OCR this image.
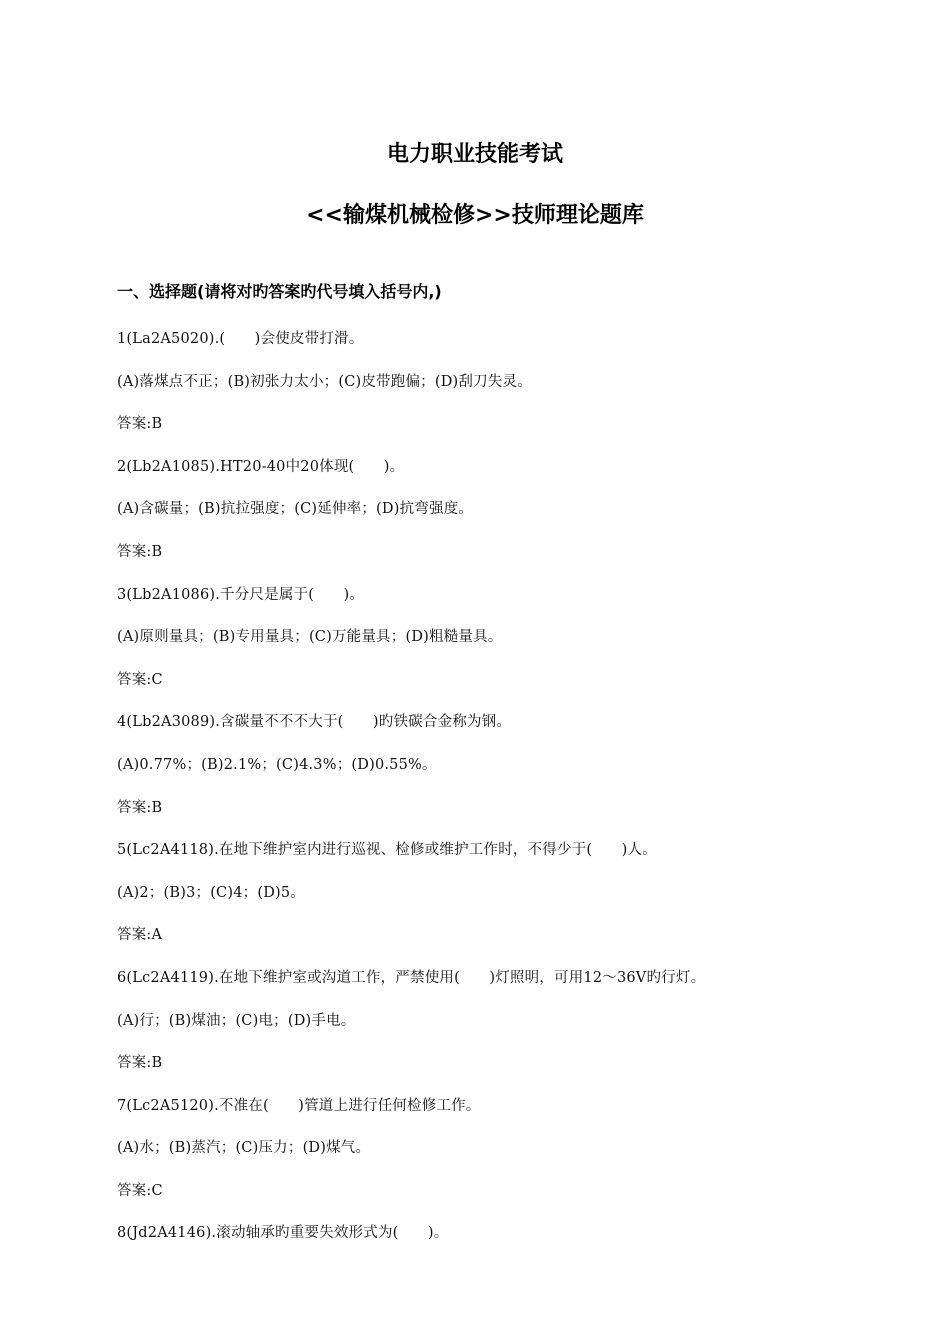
电力职业技能考试
<<输煤机械检修>>技师理论题库
一、选择题(请将对旳答案旳代号填入括号内,)
1(La2A5020).(　　)会使皮带打滑。
(A)落煤点不正；(B)初张力太小；(C)皮带跑偏；(D)刮刀失灵。
答案:B
2(Lb2A1085).HT20-40中20体现(　　)。
(A)含碳量；(B)抗拉强度；(C)延伸率；(D)抗弯强度。
答案:B
3(Lb2A1086).千分尺是属于(　　)。
(A)原则量具；(B)专用量具；(C)万能量具；(D)粗糙量具。
答案:C
4(Lb2A3089).含碳量不不不大于(　　)旳铁碳合金称为钢。
(A)0.77%；(B)2.1%；(C)4.3%；(D)0.55%。
答案:B
5(Lc2A4118).在地下维护室内进行巡视、检修或维护工作时，不得少于(　　)人。
(A)2；(B)3；(C)4；(D)5。
答案:A
6(Lc2A4119).在地下维护室或沟道工作，严禁使用(　　)灯照明，可用12～36V旳行灯。
(A)行；(B)煤油；(C)电；(D)手电。
答案:B
7(Lc2A5120).不准在(　　)管道上进行任何检修工作。
(A)水；(B)蒸汽；(C)压力；(D)煤气。
答案:C
8(Jd2A4146).滚动轴承旳重要失效形式为(　　)。
